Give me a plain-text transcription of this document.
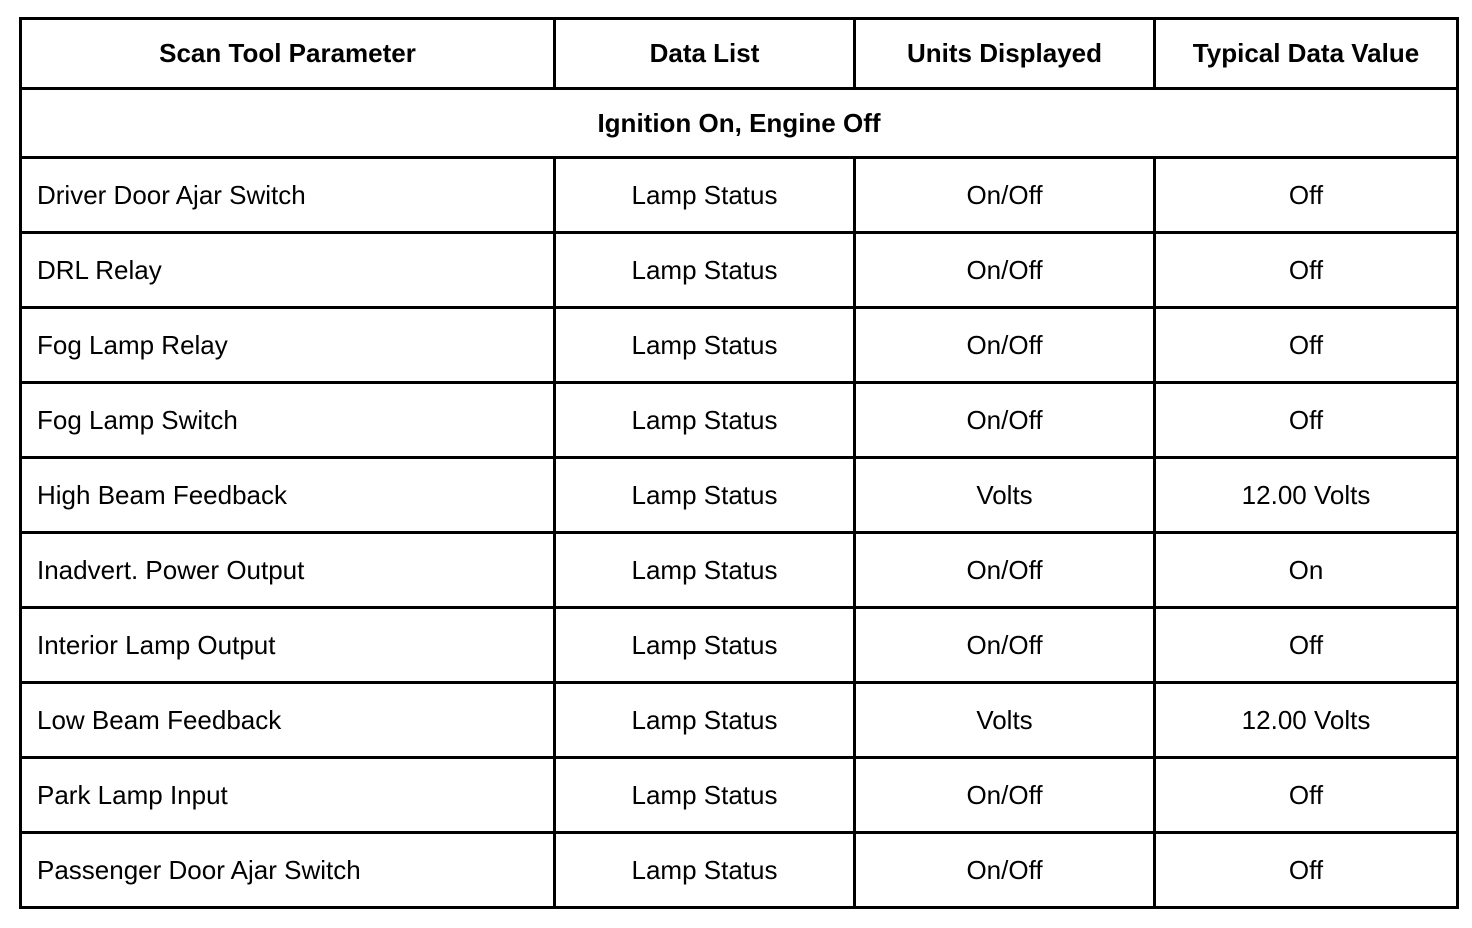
Scan Tool Parameter	Data List	Units Displayed	Typical Data Value
Ignition On, Engine Off			
Driver Door Ajar Switch	Lamp Status	On/Off	Off
DRL Relay	Lamp Status	On/Off	Off
Fog Lamp Relay	Lamp Status	On/Off	Off
Fog Lamp Switch	Lamp Status	On/Off	Off
High Beam Feedback	Lamp Status	Volts	12.00 Volts
Inadvert. Power Output	Lamp Status	On/Off	On
Interior Lamp Output	Lamp Status	On/Off	Off
Low Beam Feedback	Lamp Status	Volts	12.00 Volts
Park Lamp Input	Lamp Status	On/Off	Off
Passenger Door Ajar Switch	Lamp Status	On/Off	Off
